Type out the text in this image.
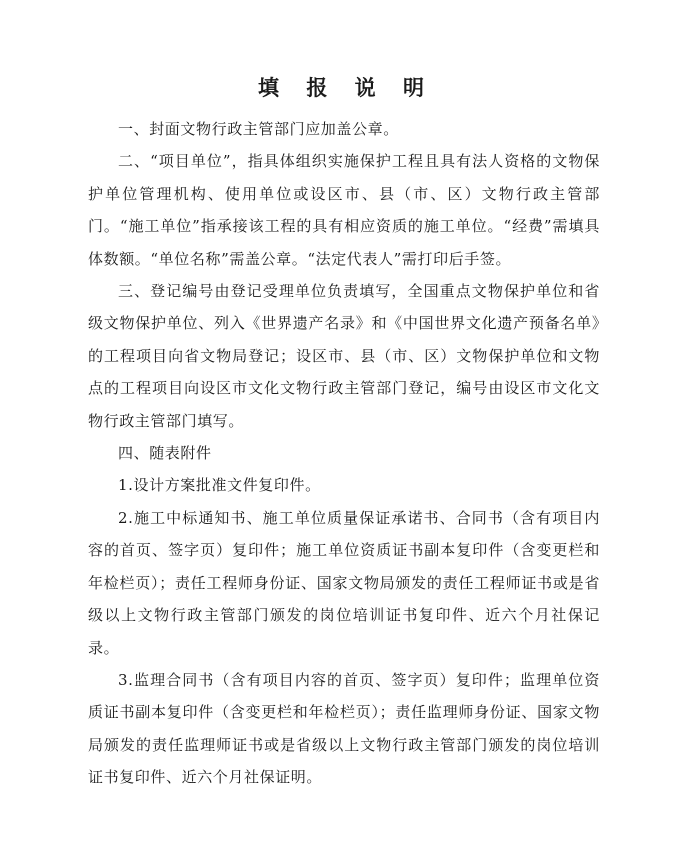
填 报 说 明

一、封面文物行政主管部门应加盖公章。

二、“项目单位”，指具体组织实施保护工程且具有法人资格的文物保护单位管理机构、使用单位或设区市、县（市、区）文物行政主管部门。“施工单位”指承接该工程的具有相应资质的施工单位。“经费”需填具体数额。“单位名称”需盖公章。“法定代表人”需打印后手签。

三、登记编号由登记受理单位负责填写，全国重点文物保护单位和省级文物保护单位、列入《世界遗产名录》和《中国世界文化遗产预备名单》的工程项目向省文物局登记；设区市、县（市、区）文物保护单位和文物点的工程项目向设区市文化文物行政主管部门登记，编号由设区市文化文物行政主管部门填写。

四、随表附件

1.设计方案批准文件复印件。

2.施工中标通知书、施工单位质量保证承诺书、合同书（含有项目内容的首页、签字页）复印件；施工单位资质证书副本复印件（含变更栏和年检栏页）；责任工程师身份证、国家文物局颁发的责任工程师证书或是省级以上文物行政主管部门颁发的岗位培训证书复印件、近六个月社保记录。

3.监理合同书（含有项目内容的首页、签字页）复印件；监理单位资质证书副本复印件（含变更栏和年检栏页）；责任监理师身份证、国家文物局颁发的责任监理师证书或是省级以上文物行政主管部门颁发的岗位培训证书复印件、近六个月社保证明。
